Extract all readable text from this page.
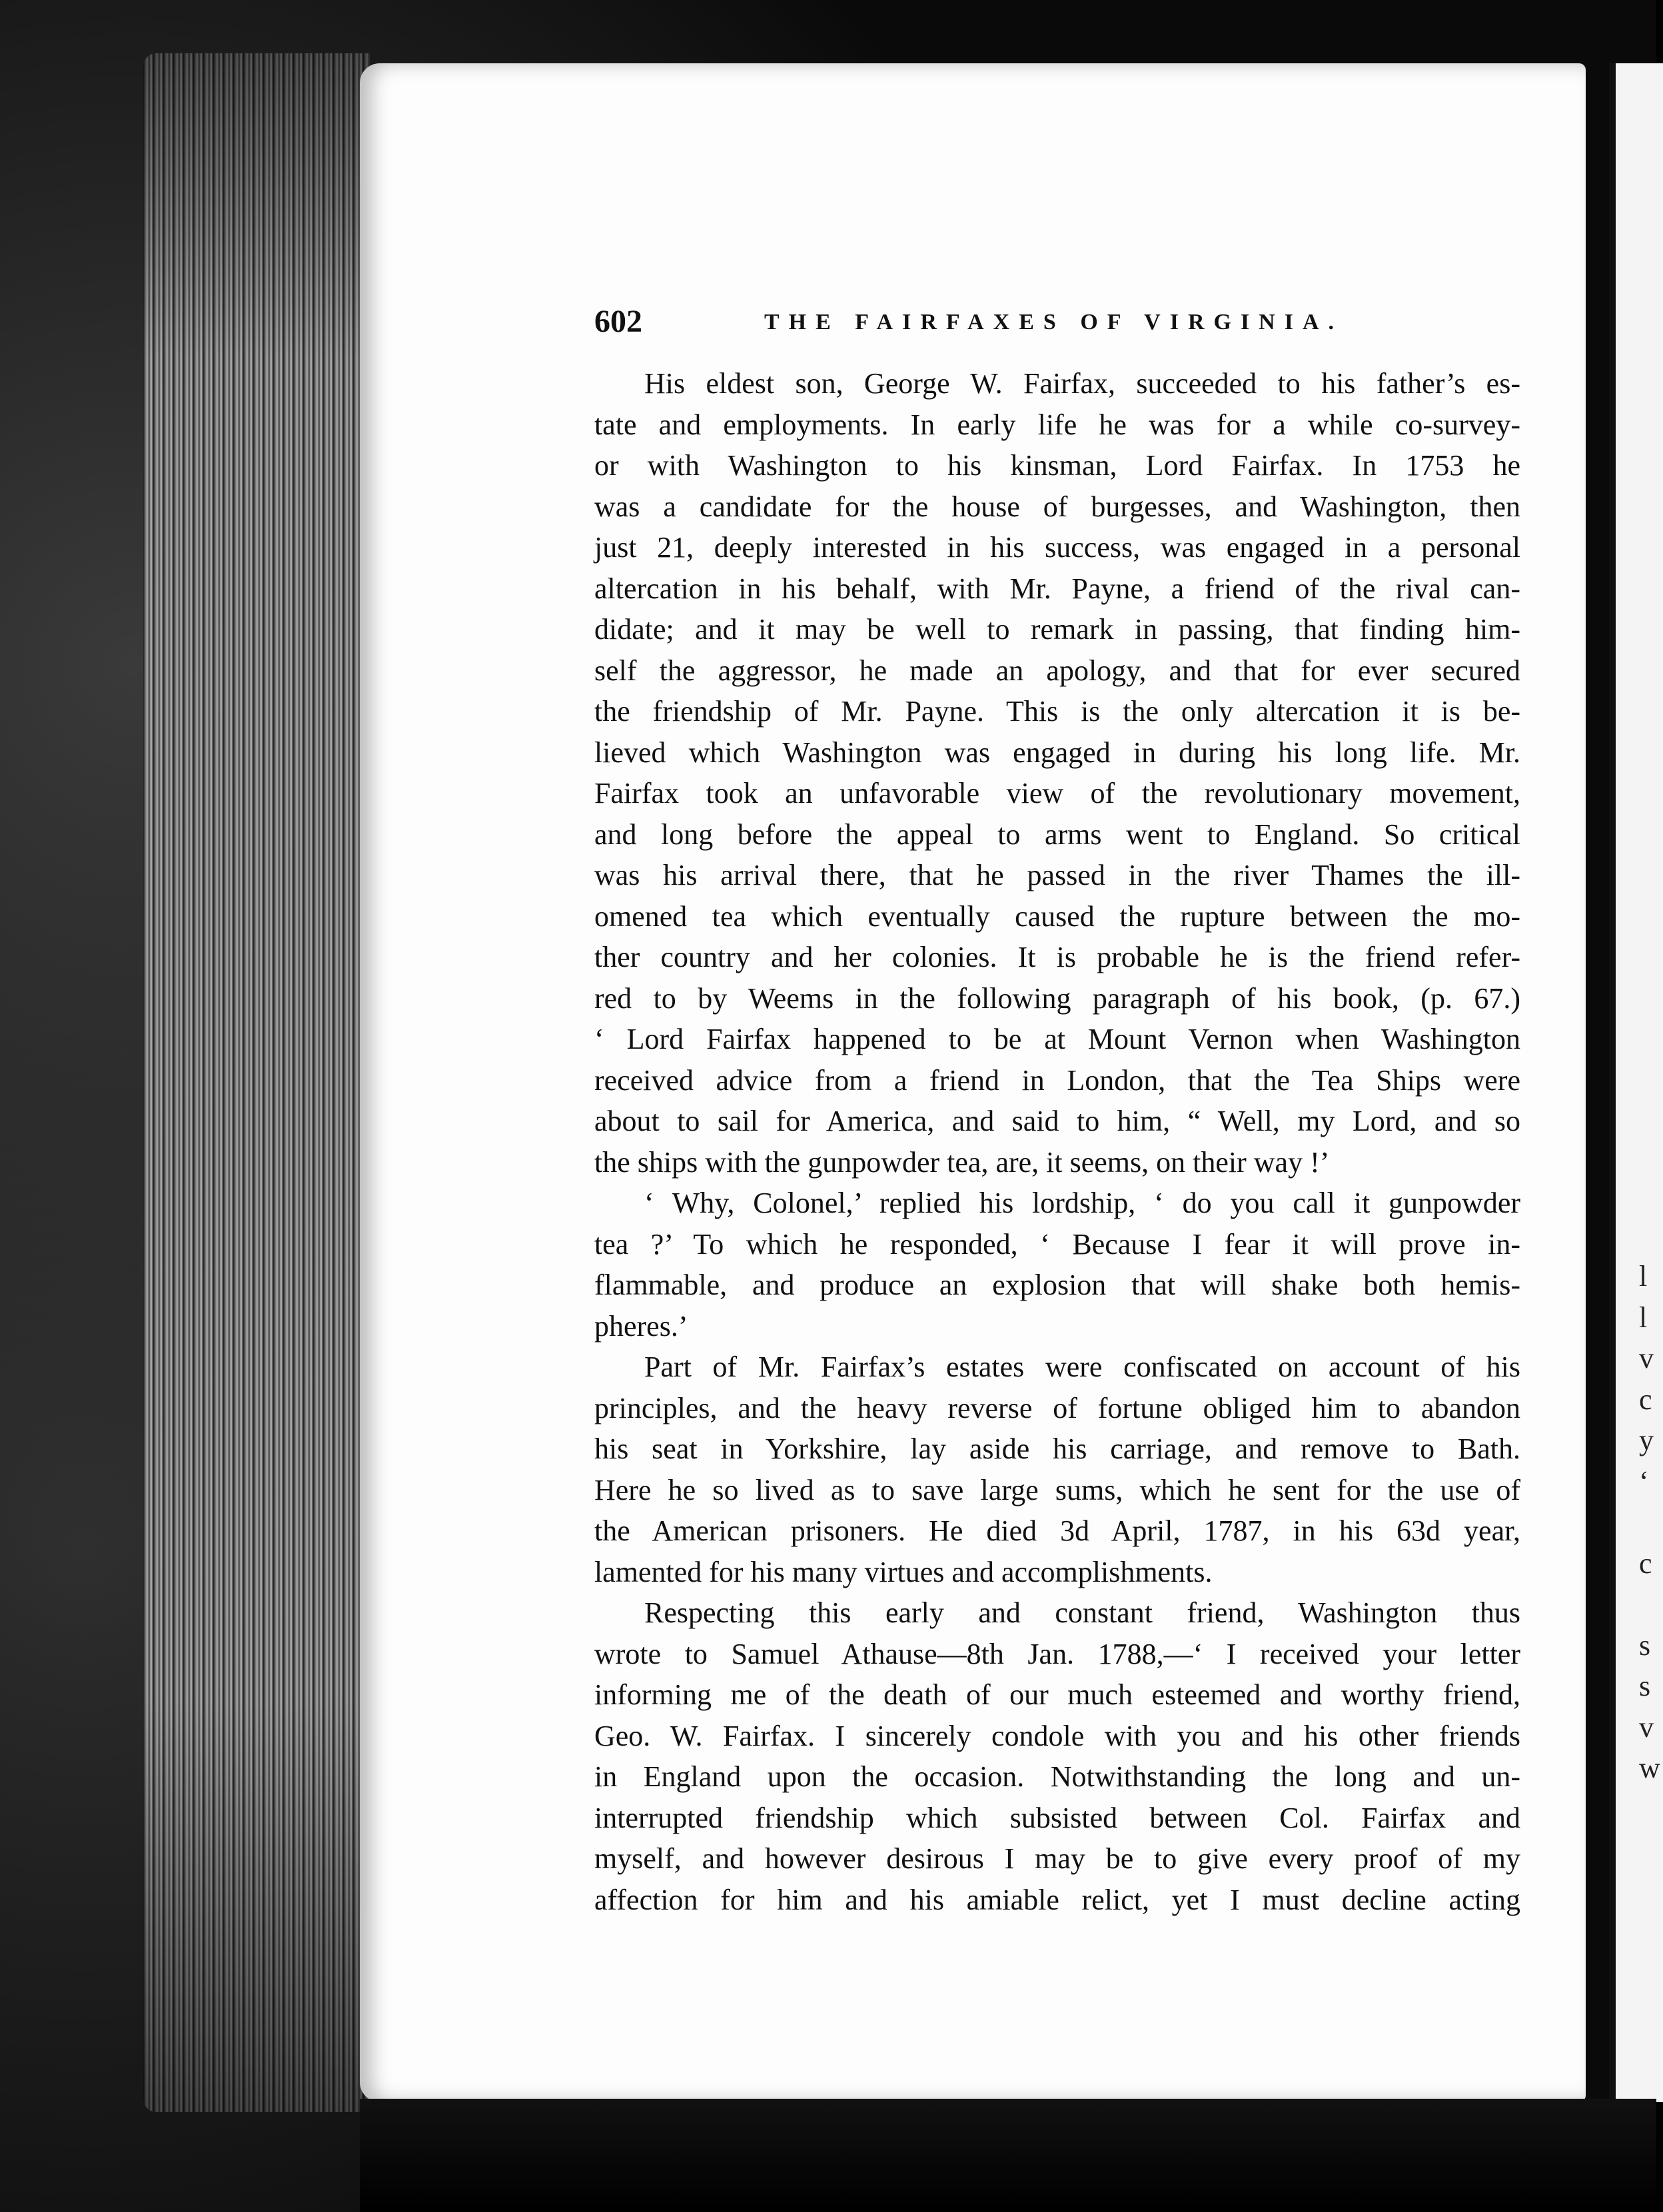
l
l
v
c
y
‘
c
s
s
v
w
602	THE FAIRFAXES OF VIRGINIA.
His eldest son, George W. Fairfax, succeeded to his father’s es-
tate and employments. In early life he was for a while co-survey-
or with Washington to his kinsman, Lord Fairfax. In 1753 he
was a candidate for the house of burgesses, and Washington, then
just 21, deeply interested in his success, was engaged in a personal
altercation in his behalf, with Mr. Payne, a friend of the rival can-
didate; and it may be well to remark in passing, that finding him-
self the aggressor, he made an apology, and that for ever secured
the friendship of Mr. Payne. This is the only altercation it is be-
lieved which Washington was engaged in during his long life. Mr.
Fairfax took an unfavorable view of the revolutionary movement,
and long before the appeal to arms went to England. So critical
was his arrival there, that he passed in the river Thames the ill-
omened tea which eventually caused the rupture between the mo-
ther country and her colonies. It is probable he is the friend refer-
red to by Weems in the following paragraph of his book, (p. 67.)
‘ Lord Fairfax happened to be at Mount Vernon when Washington
received advice from a friend in London, that the Tea Ships were
about to sail for America, and said to him, “ Well, my Lord, and so
the ships with the gunpowder tea, are, it seems, on their way !’
‘ Why, Colonel,’ replied his lordship, ‘ do you call it gunpowder
tea ?’ To which he responded, ‘ Because I fear it will prove in-
flammable, and produce an explosion that will shake both hemis-
pheres.’
Part of Mr. Fairfax’s estates were confiscated on account of his
principles, and the heavy reverse of fortune obliged him to abandon
his seat in Yorkshire, lay aside his carriage, and remove to Bath.
Here he so lived as to save large sums, which he sent for the use of
the American prisoners. He died 3d April, 1787, in his 63d year,
lamented for his many virtues and accomplishments.
Respecting this early and constant friend, Washington thus
wrote to Samuel Athause—8th Jan. 1788,—‘ I received your letter
informing me of the death of our much esteemed and worthy friend,
Geo. W. Fairfax. I sincerely condole with you and his other friends
in England upon the occasion. Notwithstanding the long and un-
interrupted friendship which subsisted between Col. Fairfax and
myself, and however desirous I may be to give every proof of my
affection for him and his amiable relict, yet I must decline acting
